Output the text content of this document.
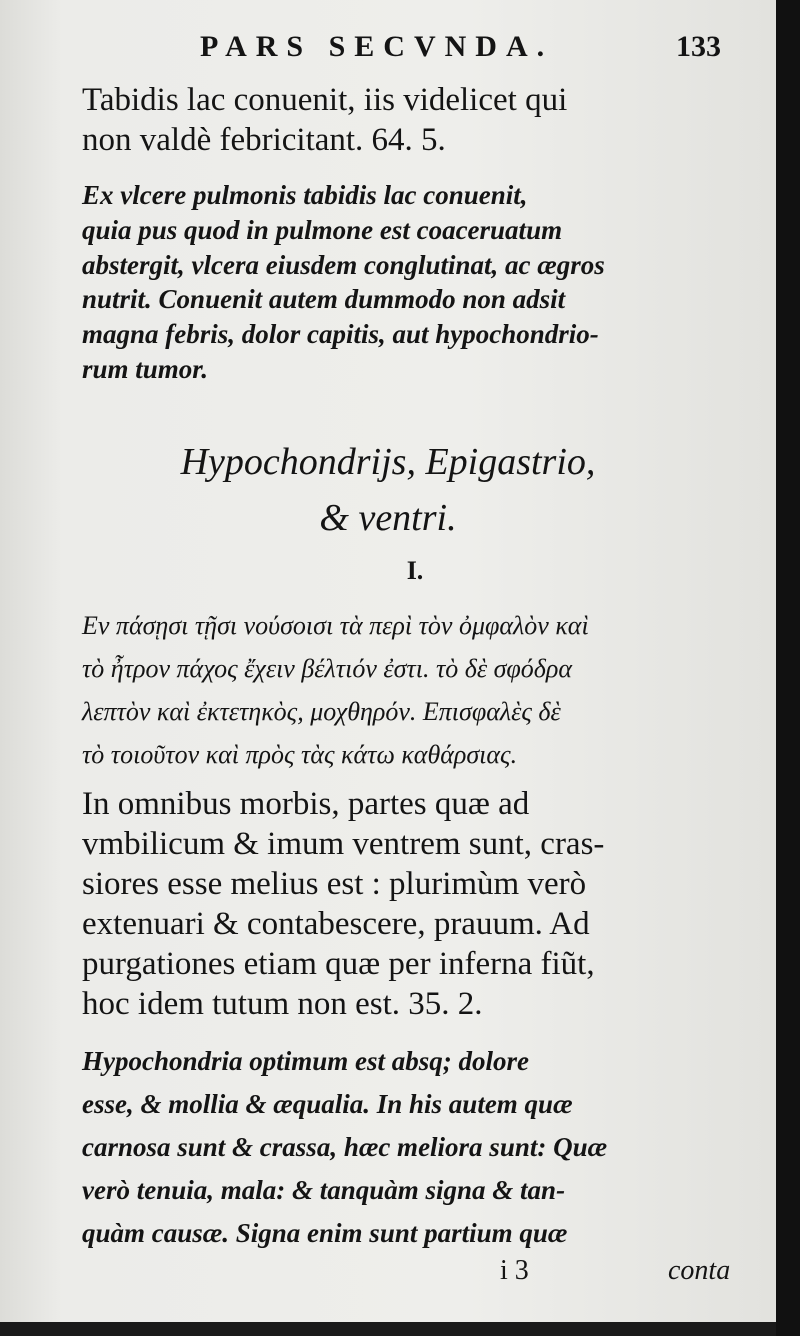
PARS SECVNDA.	133
Tabidis lac conuenit, iis videlicet qui
non valdè febricitant. 64. 5.
Ex vlcere pulmonis tabidis lac conuenit,
quia pus quod in pulmone est coaceruatum
abstergit, vlcera eiusdem conglutinat, ac ægros
nutrit. Conuenit autem dummodo non adsit
magna febris, dolor capitis, aut hypochondrio-
rum tumor.
Hypochondrijs, Epigastrio,
& ventri.
I.
Εν πάσῃσι τῇσι νούσοισι τὰ περὶ τὸν ὀμφαλὸν καὶ
τὸ ἦτρον πάχος ἔχειν βέλτιόν ἐστι. τὸ δὲ σφόδρα
λεπτὸν καὶ ἐκτετηκὸς, μοχθηρόν. Επισφαλὲς δὲ
τὸ τοιοῦτον καὶ πρὸς τὰς κάτω καθάρσιας.
In omnibus morbis, partes quæ ad
vmbilicum & imum ventrem sunt, cras-
siores esse melius est : plurimùm verò
extenuari & contabescere, prauum. Ad
purgationes etiam quæ per inferna fiũt,
hoc idem tutum non est. 35. 2.
Hypochondria optimum est absq; dolore
esse, & mollia & æqualia. In his autem quæ
carnosa sunt & crassa, hæc meliora sunt: Quæ
verò tenuia, mala: & tanquàm signa & tan-
quàm causæ. Signa enim sunt partium quæ
i 3	conta
